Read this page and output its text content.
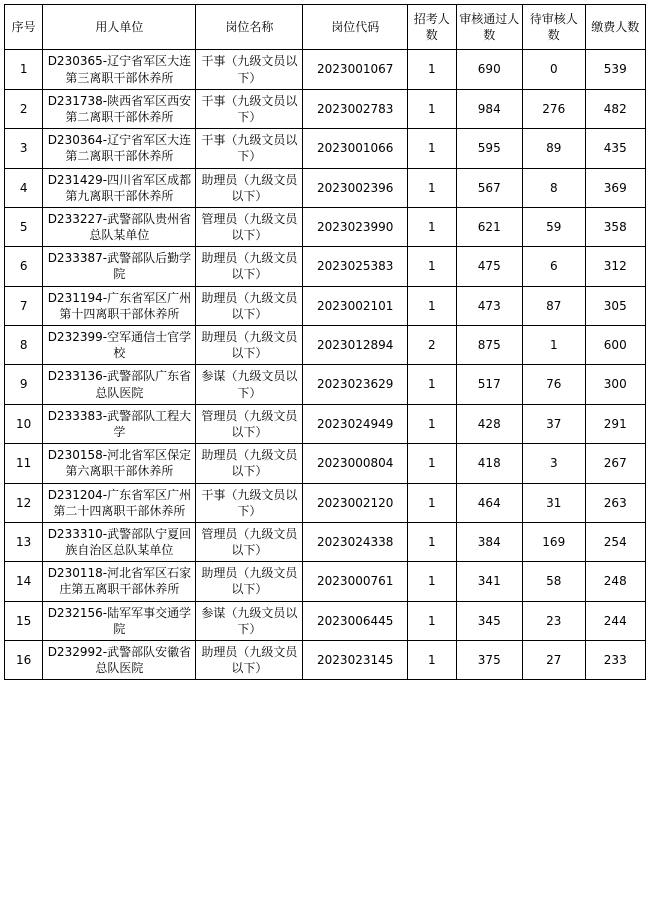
序号	用人单位	岗位名称	岗位代码	招考人数	审核通过人数	待审核人数	缴费人数
1	D230365-辽宁省军区大连第三离职干部休养所	干事（九级文员以下）	2023001067	1	690	0	539
2	D231738-陕西省军区西安第二离职干部休养所	干事（九级文员以下）	2023002783	1	984	276	482
3	D230364-辽宁省军区大连第二离职干部休养所	干事（九级文员以下）	2023001066	1	595	89	435
4	D231429-四川省军区成都第九离职干部休养所	助理员（九级文员以下）	2023002396	1	567	8	369
5	D233227-武警部队贵州省总队某单位	管理员（九级文员以下）	2023023990	1	621	59	358
6	D233387-武警部队后勤学院	助理员（九级文员以下）	2023025383	1	475	6	312
7	D231194-广东省军区广州第十四离职干部休养所	助理员（九级文员以下）	2023002101	1	473	87	305
8	D232399-空军通信士官学校	助理员（九级文员以下）	2023012894	2	875	1	600
9	D233136-武警部队广东省总队医院	参谋（九级文员以下）	2023023629	1	517	76	300
10	D233383-武警部队工程大学	管理员（九级文员以下）	2023024949	1	428	37	291
11	D230158-河北省军区保定第六离职干部休养所	助理员（九级文员以下）	2023000804	1	418	3	267
12	D231204-广东省军区广州第二十四离职干部休养所	干事（九级文员以下）	2023002120	1	464	31	263
13	D233310-武警部队宁夏回族自治区总队某单位	管理员（九级文员以下）	2023024338	1	384	169	254
14	D230118-河北省军区石家庄第五离职干部休养所	助理员（九级文员以下）	2023000761	1	341	58	248
15	D232156-陆军军事交通学院	参谋（九级文员以下）	2023006445	1	345	23	244
16	D232992-武警部队安徽省总队医院	助理员（九级文员以下）	2023023145	1	375	27	233
